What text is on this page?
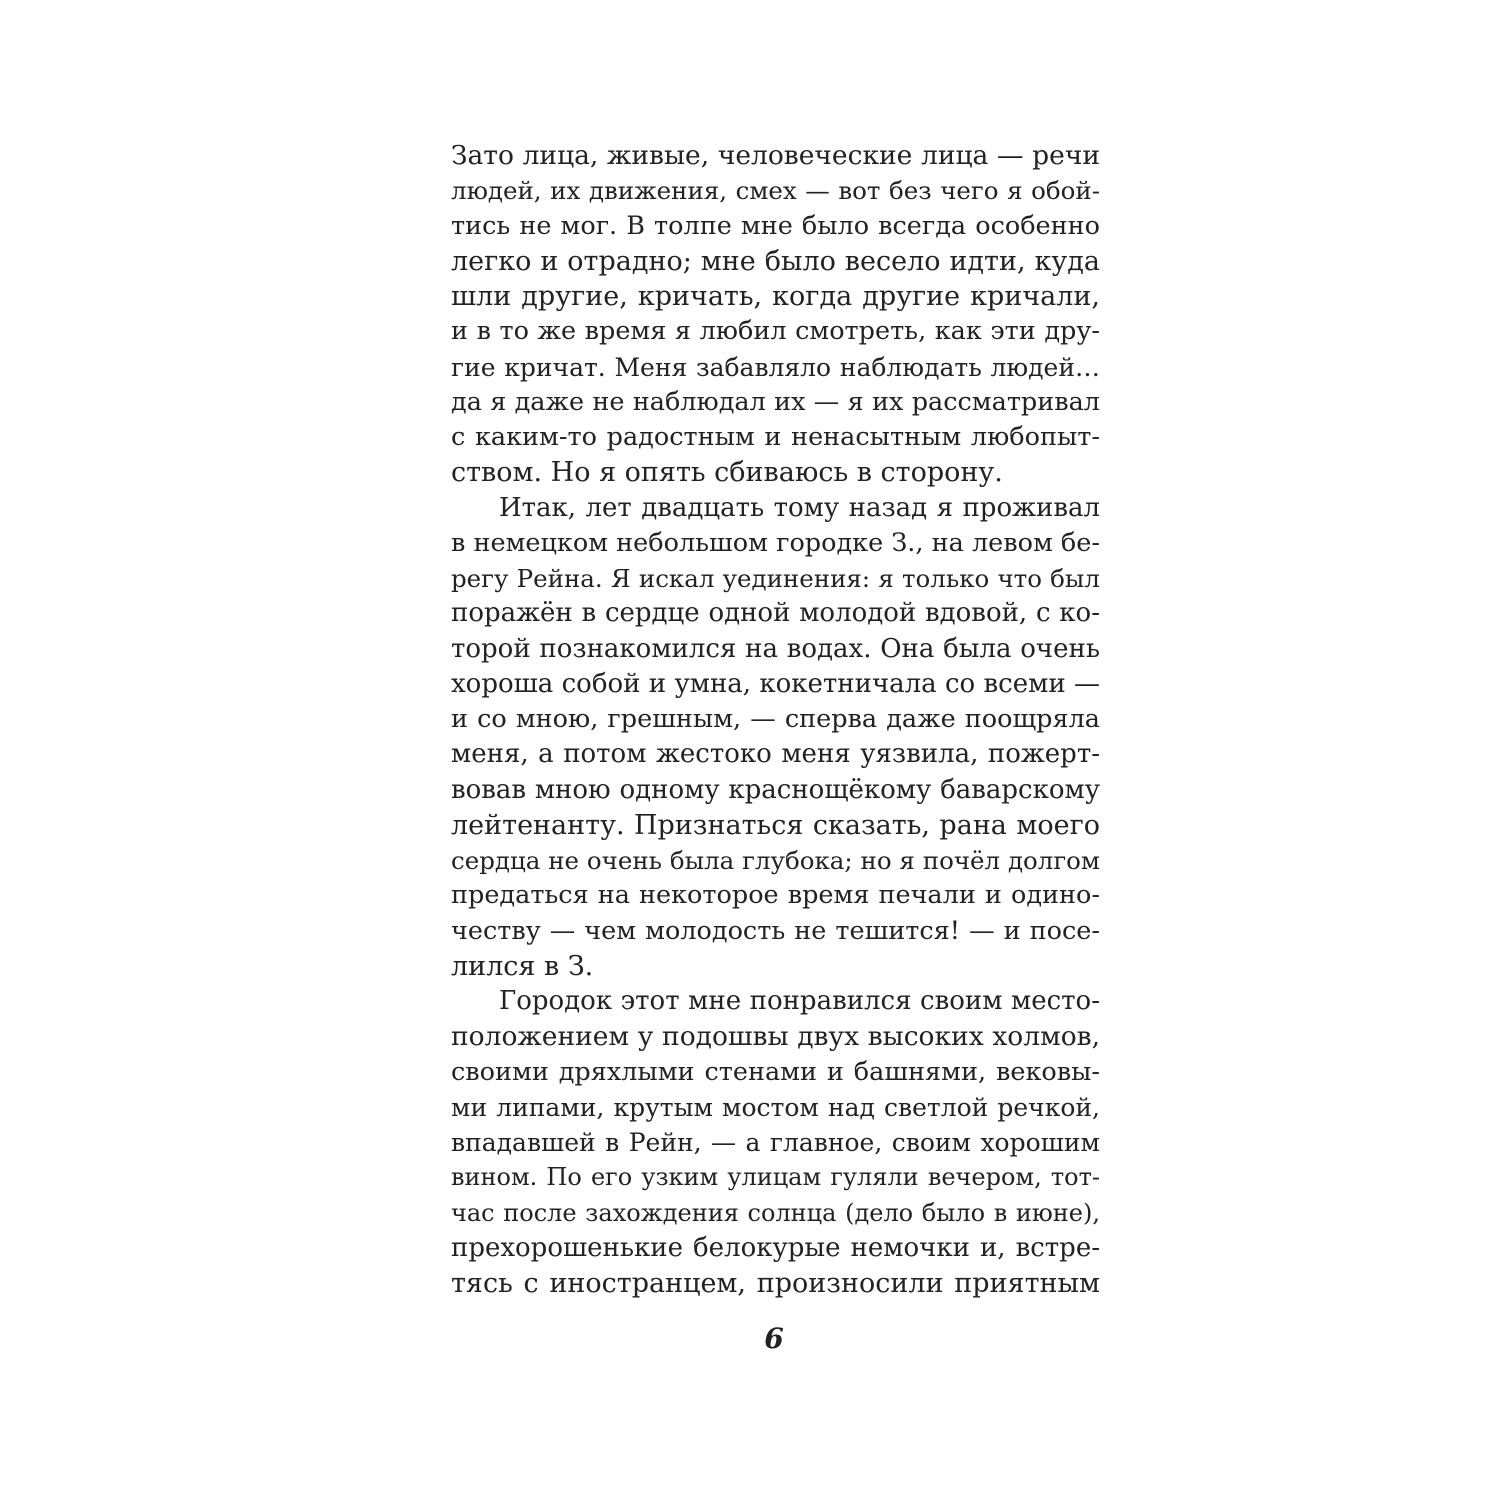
Зато лица, живые, человеческие лица — речи
людей, их движения, смех — вот без чего я обой-
тись не мог. В толпе мне было всегда особенно
легко и отрадно; мне было весело идти, куда
шли другие, кричать, когда другие кричали,
и в то же время я любил смотреть, как эти дру-
гие кричат. Меня забавляло наблюдать людей…
да я даже не наблюдал их — я их рассматривал
с каким-то радостным и ненасытным любопыт-
ством. Но я опять сбиваюсь в сторону.
Итак, лет двадцать тому назад я проживал
в немецком небольшом городке З., на левом бе-
регу Рейна. Я искал уединения: я только что был
поражён в сердце одной молодой вдовой, с ко-
торой познакомился на водах. Она была очень
хороша собой и умна, кокетничала со всеми —
и со мною, грешным, — сперва даже поощряла
меня, а потом жестоко меня уязвила, пожерт-
вовав мною одному краснощёкому баварскому
лейтенанту. Признаться сказать, рана моего
сердца не очень была глубока; но я почёл долгом
предаться на некоторое время печали и одино-
честву — чем молодость не тешится! — и посе-
лился в З.
Городок этот мне понравился своим место-
положением у подошвы двух высоких холмов,
своими дряхлыми стенами и башнями, вековы-
ми липами, крутым мостом над светлой речкой,
впадавшей в Рейн, — а главное, своим хорошим
вином. По его узким улицам гуляли вечером, тот-
час после захождения солнца (дело было в июне),
прехорошенькие белокурые немочки и, встре-
тясь с иностранцем, произносили приятным
6
